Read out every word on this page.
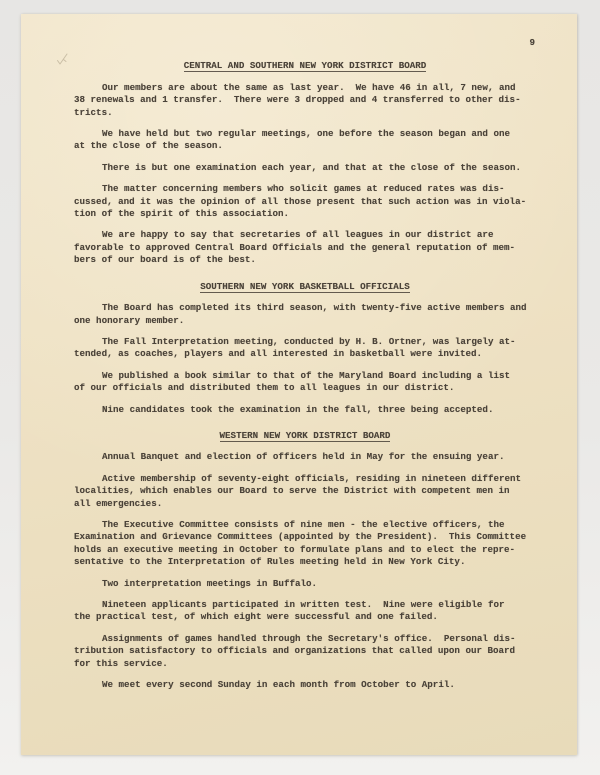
9
CENTRAL AND SOUTHERN NEW YORK DISTRICT BOARD

Our members are about the same as last year.  We have 46 in all, 7 new, and
38 renewals and 1 transfer.  There were 3 dropped and 4 transferred to other dis-
tricts.

We have held but two regular meetings, one before the season began and one
at the close of the season.

There is but one examination each year, and that at the close of the season.

The matter concerning members who solicit games at reduced rates was dis-
cussed, and it was the opinion of all those present that such action was in viola-
tion of the spirit of this association.

We are happy to say that secretaries of all leagues in our district are
favorable to approved Central Board Officials and the general reputation of mem-
bers of our board is of the best.

SOUTHERN NEW YORK BASKETBALL OFFICIALS

The Board has completed its third season, with twenty-five active members and
one honorary member.

The Fall Interpretation meeting, conducted by H. B. Ortner, was largely at-
tended, as coaches, players and all interested in basketball were invited.

We published a book similar to that of the Maryland Board including a list
of our officials and distributed them to all leagues in our district.

Nine candidates took the examination in the fall, three being accepted.

WESTERN NEW YORK DISTRICT BOARD

Annual Banquet and election of officers held in May for the ensuing year.

Active membership of seventy-eight officials, residing in nineteen different
localities, which enables our Board to serve the District with competent men in
all emergencies.

The Executive Committee consists of nine men - the elective officers, the
Examination and Grievance Committees (appointed by the President).  This Committee
holds an executive meeting in October to formulate plans and to elect the repre-
sentative to the Interpretation of Rules meeting held in New York City.

Two interpretation meetings in Buffalo.

Nineteen applicants participated in written test.  Nine were eligible for
the practical test, of which eight were successful and one failed.

Assignments of games handled through the Secretary's office.  Personal dis-
tribution satisfactory to officials and organizations that called upon our Board
for this service.

We meet every second Sunday in each month from October to April.
